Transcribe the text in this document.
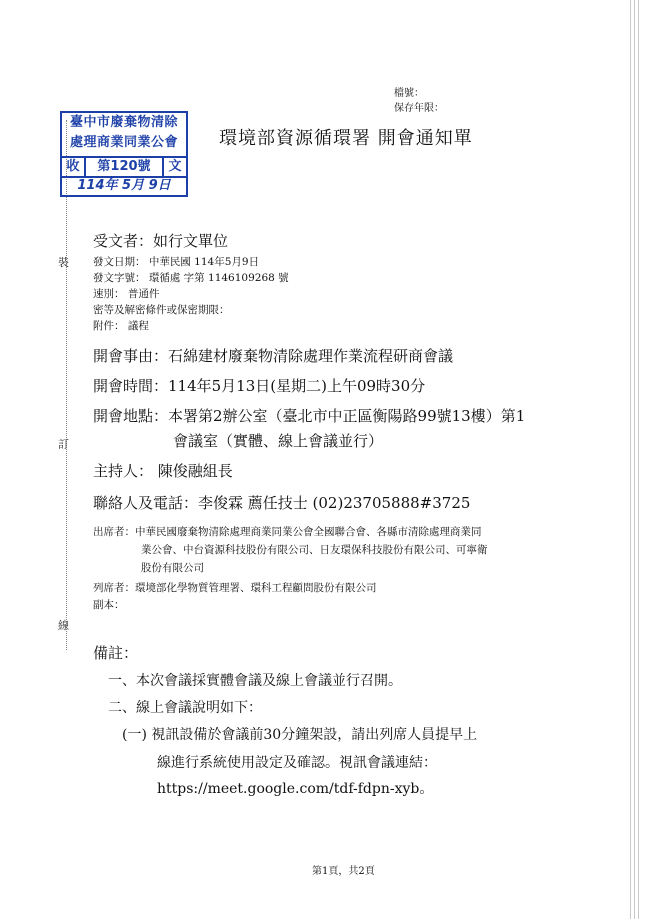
裝
訂
線
檔號：
保存年限：
臺中市廢棄物清除
處理商業同業公會
收	第120號	文
114年 5月 9日
環境部資源循環署 開會通知單
受文者：如行文單位
發文日期： 中華民國 114年5月9日
發文字號： 環循處 字第 1146109268 號
速別： 普通件
密等及解密條件或保密期限：
附件： 議程
開會事由：石綿建材廢棄物清除處理作業流程研商會議
開會時間：114年5月13日(星期二)上午09時30分
開會地點：本署第2辦公室（臺北市中正區衡陽路99號13樓）第1
會議室（實體、線上會議並行）
主持人： 陳俊融組長
聯絡人及電話：李俊霖 薦任技士 (02)23705888#3725
出席者：中華民國廢棄物清除處理商業同業公會全國聯合會、各縣市清除處理商業同
業公會、中台資源科技股份有限公司、日友環保科技股份有限公司、可寧衛
股份有限公司
列席者：環境部化學物質管理署、環科工程顧問股份有限公司
副本：
備註：
一、本次會議採實體會議及線上會議並行召開。
二、線上會議說明如下：
(一) 視訊設備於會議前30分鐘架設，請出列席人員提早上
線進行系統使用設定及確認。視訊會議連結：
https://meet.google.com/tdf-fdpn-xyb。
第1頁，共2頁
